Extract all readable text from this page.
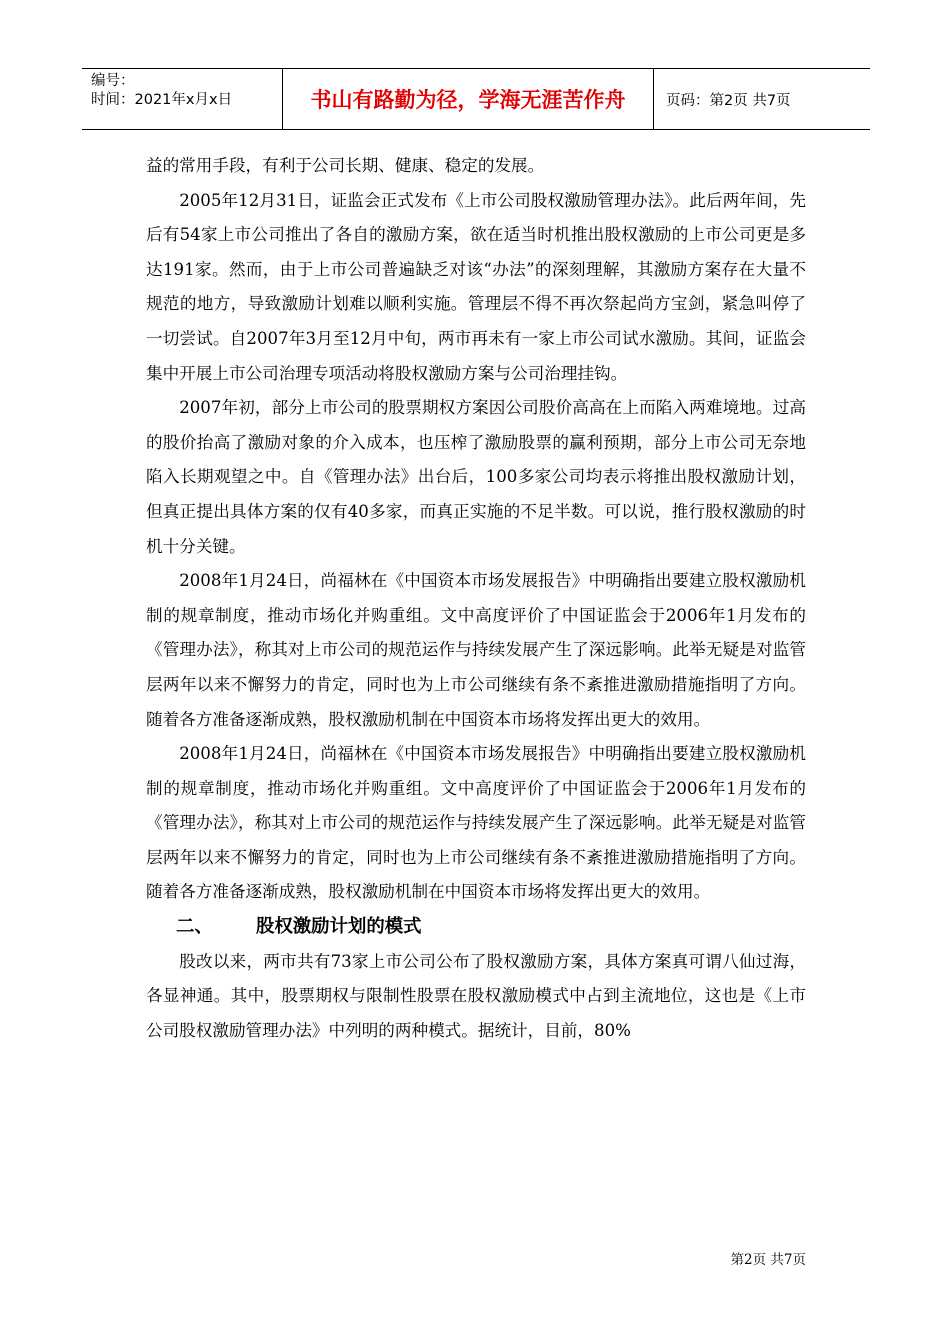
编号：
时间：2021年x月x日	书山有路勤为径，学海无涯苦作舟	页码：第2页 共7页

益的常用手段，有利于公司长期、健康、稳定的发展。

2005年12月31日，证监会正式发布《上市公司股权激励管理办法》。此后两年间，先后有54家上市公司推出了各自的激励方案，欲在适当时机推出股权激励的上市公司更是多达191家。然而，由于上市公司普遍缺乏对该“办法”的深刻理解，其激励方案存在大量不规范的地方，导致激励计划难以顺利实施。管理层不得不再次祭起尚方宝剑，紧急叫停了一切尝试。自2007年3月至12月中旬，两市再未有一家上市公司试水激励。其间，证监会集中开展上市公司治理专项活动将股权激励方案与公司治理挂钩。

2007年初，部分上市公司的股票期权方案因公司股价高高在上而陷入两难境地。过高的股价抬高了激励对象的介入成本，也压榨了激励股票的赢利预期，部分上市公司无奈地陷入长期观望之中。自《管理办法》出台后，100多家公司均表示将推出股权激励计划，但真正提出具体方案的仅有40多家，而真正实施的不足半数。可以说，推行股权激励的时机十分关键。

2008年1月24日，尚福林在《中国资本市场发展报告》中明确指出要建立股权激励机制的规章制度，推动市场化并购重组。文中高度评价了中国证监会于2006年1月发布的《管理办法》，称其对上市公司的规范运作与持续发展产生了深远影响。此举无疑是对监管层两年以来不懈努力的肯定，同时也为上市公司继续有条不紊推进激励措施指明了方向。随着各方准备逐渐成熟，股权激励机制在中国资本市场将发挥出更大的效用。

2008年1月24日，尚福林在《中国资本市场发展报告》中明确指出要建立股权激励机制的规章制度，推动市场化并购重组。文中高度评价了中国证监会于2006年1月发布的《管理办法》，称其对上市公司的规范运作与持续发展产生了深远影响。此举无疑是对监管层两年以来不懈努力的肯定，同时也为上市公司继续有条不紊推进激励措施指明了方向。随着各方准备逐渐成熟，股权激励机制在中国资本市场将发挥出更大的效用。

二、 股权激励计划的模式

股改以来，两市共有73家上市公司公布了股权激励方案，具体方案真可谓八仙过海，各显神通。其中，股票期权与限制性股票在股权激励模式中占到主流地位，这也是《上市公司股权激励管理办法》中列明的两种模式。据统计，目前，80%

第2页 共7页
